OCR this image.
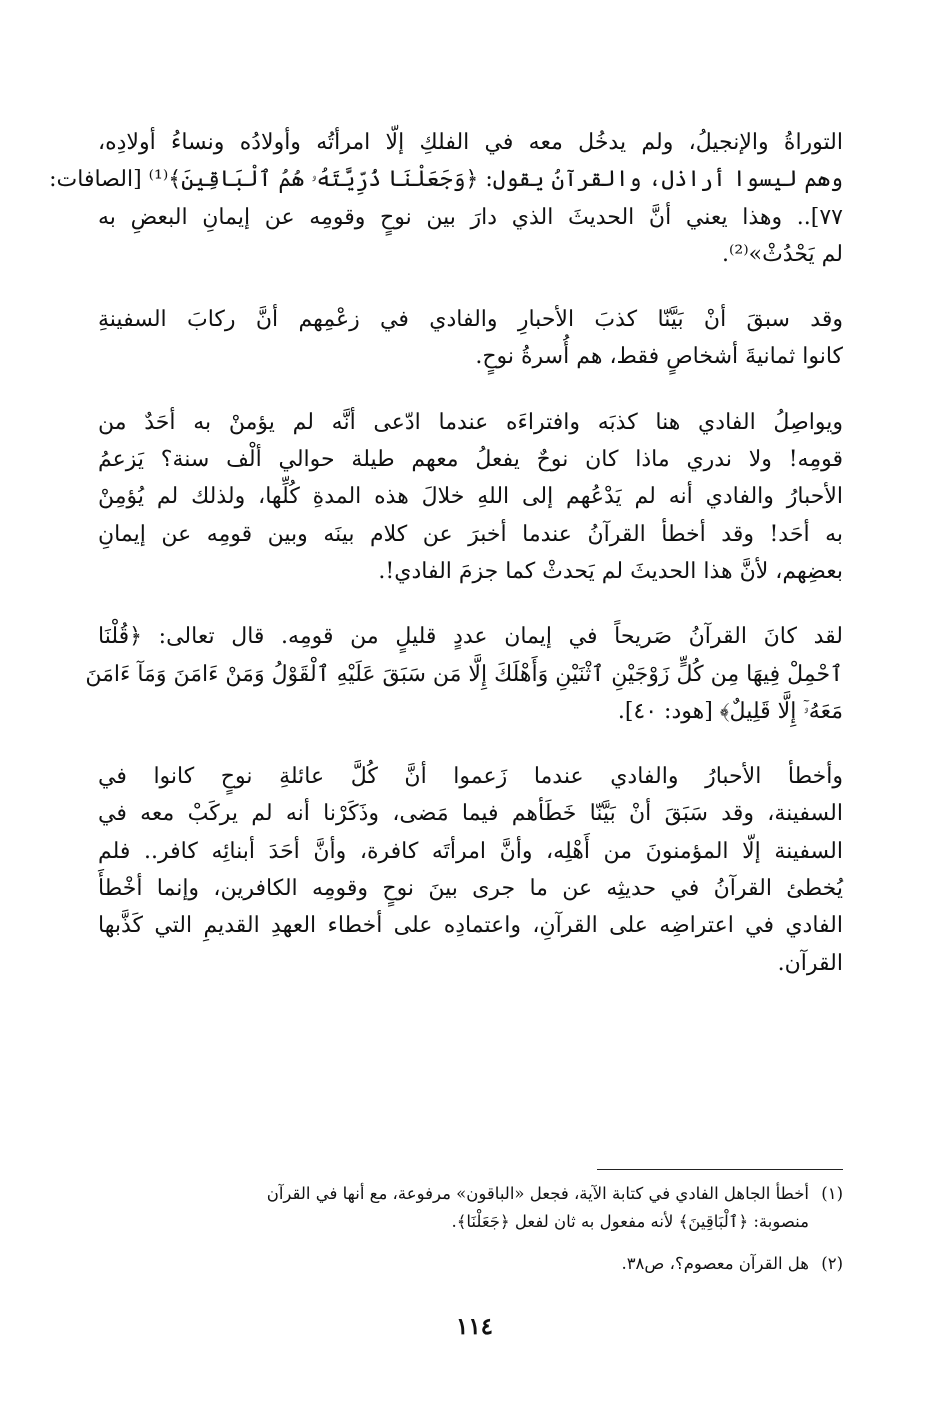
التوراةُ والإنجيلُ، ولم يدخُل معه في الفلكِ إلّا امرأتُه وأولادُه ونساءُ أولادِه،
وهم ليسوا أراذل، والقرآنُ يقول: ﴿وَجَعَلْنَا ذُرِّيَّتَهُۥ هُمُ ٱلْبَاقِينَ﴾⁽¹⁾ [الصافات:
٧٧].. وهذا يعني أنَّ الحديثَ الذي دارَ بين نوحٍ وقومِه عن إيمانِ البعضِ به
لم يَحْدُثْ»⁽²⁾.

وقد سبقَ أنْ بَيَّنّا كذبَ الأحبارِ والفادي في زعْمِهم أنَّ ركابَ السفينةِ
كانوا ثمانيةَ أشخاصٍ فقط، هم أُسرةُ نوحٍ.

ويواصِلُ الفادي هنا كذبَه وافتراءَه عندما ادّعى أنَّه لم يؤمنْ به أحَدٌ من
قومِه! ولا ندري ماذا كان نوحٌ يفعلُ معهم طيلة حوالي ألْف سنة؟ يَزعمُ
الأحبارُ والفادي أنه لم يَدْعُهم إلى اللهِ خلالَ هذه المدةِ كُلِّها، ولذلك لم يُؤمِنْ
به أحَد! وقد أخطأ القرآنُ عندما أخبرَ عن كلام بينَه وبين قومِه عن إيمانِ
بعضِهم، لأنَّ هذا الحديثَ لم يَحدثْ كما جزمَ الفادي!.

لقد كانَ القرآنُ صَريحاً في إيمان عددٍ قليلٍ من قومِه. قال تعالى: ﴿قُلْنَا
ٱحْمِلْ فِيهَا مِن كُلٍّ زَوْجَيْنِ ٱثْنَيْنِ وَأَهْلَكَ إِلَّا مَن سَبَقَ عَلَيْهِ ٱلْقَوْلُ وَمَنْ ءَامَنَ وَمَآ ءَامَنَ
مَعَهُۥٓ إِلَّا قَلِيلٌ﴾ [هود: ٤٠].

وأخطأ الأحبارُ والفادي عندما زَعموا أنَّ كُلَّ عائلةِ نوحٍ كانوا في
السفينة، وقد سَبَقَ أنْ بَيَّنّا خَطَأهم فيما مَضى، وذَكَرْنا أنه لم يركَبْ معه في
السفينة إلّا المؤمنونَ من أَهْلِه، وأنَّ امرأتَه كافرة، وأنَّ أحَدَ أبنائِه كافر.. فلم
يُخطئ القرآنُ في حديثِه عن ما جرى بينَ نوحٍ وقومِه الكافرين، وإنما أخْطأَ
الفادي في اعتراضِه على القرآنِ، واعتمادِه على أخطاء العهدِ القديمِ التي كَذَّبها
القرآن.

(١)أخطأ الجاهل الفادي في كتابة الآية، فجعل «الباقون» مرفوعة، مع أنها في القرآن
منصوبة: ﴿ٱلْبَاقِينَ﴾ لأنه مفعول به ثان لفعل ﴿جَعَلْنَا﴾.
(٢)هل القرآن معصوم؟، ص٣٨.
١١٤
